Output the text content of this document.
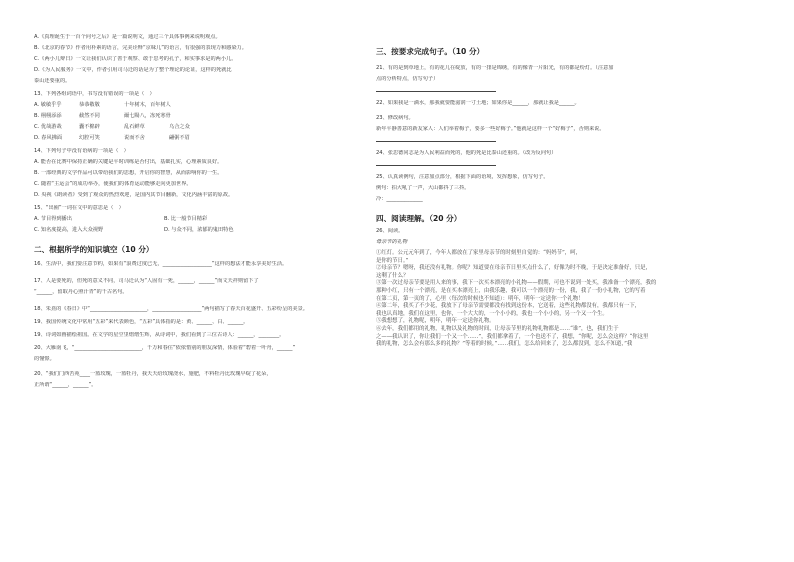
A.《真理诞生于一百个问号之后》是一篇说明文，通过三个具体事例来说明观点。
B.《北京的春节》作者用朴素的语言，完美诠释“京味儿”的语言，有很强的表现力和感染力。
C.《两小儿辩日》一文让我们认识了善于观察、敢于思考的孔子，和实事求是的两小儿。
D.《为人民服务》一文中，作者引用司马迁的话是为了整个理论的论证，这样的死就比
泰山还要重的。
13、下列各组词语中，书写没有错误的一项是（　）
A. 敏敏乎乎	恭恭敬敬	十年树木，百年树人
B. 栩栩添添	截然不同	爾七陽八，冻死寒骨
C. 优哉游哉	囊不棉辟	乱石鲜草	乌合之众
D. 春风拂面	幻腔可笑	说而不舍	翩粥不眉
14、下列句子中没有语病的一项是（　）
A. 能否在比赛中保持正确的关键是平时训练是否付出，基础扎实，心理素质良好。
B. 一部经典的文学作品可以带给我们的思想，开启你的智慧，从而影响你的一生。
C. 随着“主运会”的成功举办，使我们的体育运动能够走向更加世界。
D. 央视《朗读者》受到了观众的热烈欢迎，是国内其节目翻新，文化内涵丰富的原故。
15、“出圈”一词在文中的意思是（　）
A. 节目得到播出	B. 比一般节目精彩
C. 知名度提高，进入大众视野	D. 与众不同，浓郁的鬼田特色
二、根据所学的知识填空（10 分）
16、生活中，我们要注意节约，如果有“浪费过度已无，___________________”这样的想法才能永享美好生活。
17、人是要死的，但死的意义不同，司马迁认为“人固有一死，______，______”而文天祥则留下了
“______，留取丹心照汗青”的千古名句。
18、朱熹的《春日》中“______________________，___________________”两句描写了春天百花盛开、五彩纷呈的美景。
19、我国传统文化中常用“五彩”来代表颜色，“五彩”具体指的是：黄、______、白、______。
19、诗词如画描绘祖国。在文学的星空里熠熠生辉，从诗词中，我们看到了三位古诗人：______，________。
20、大雁南飞，“__________________________，千万和春住”依依惜别的朋友深情，体验着“碧着一叶舟，______”
的憧憬。
20、“我们门西苦苑____一篮玫瑰，一篮牡丹，我天天给玫瑰浇水，施肥，不料牡丹比玫瑰早绽了花朵，
正所谓“______，______”。
三、按要求完成句子。（10 分）
21、有的是到草地上，有的花儿在绽放，有的一排是锦绣，有的像青一片阳光，有的都是纷灯。（注意加
点的分析特点，仿写句子）
22、如果我是一滴水，那我就要能滋润一寸土地；如果你是______，那就让我是______。
23、修改病句。
新年平静善意的新友家人：人们举着梅子，要多一些好梅子。”他就是这样一个“好梅子”，否则来说。
24、张思德同志是为人民利益而死的，他的死是比泰山还重的。（改为反问句）
25、认真读例句，注意加点部分，根据下面的语境，发挥想象，仿写句子。
例句：拍大吼了一声，大山都抖了三抖。
冷：______________
四、阅读理解。（20 分）
26、阅读。
母亲节的礼物
①红灯。公元元年到了，今年人都放在了家里母亲节的时刻里自觉的：“妈妈节”，呵，
是你的节日。”
②母亲节？嗯呀，我还没有礼物。你呢？知道要在母亲节日里买点什么了，好像为时不晚，于是决定准备好，只是，
这剩了什么？
③第一次过母亲节要是用人来的事，我下一次买本漂亮的小礼物——假期，可也不说到一处买，我准备一个漂亮，我的
那种小红，只有一个漂亮，是在买本漂亮上，由我乐趣，我可以一个漂亮的一份，我，我了一份小礼物，它的写着
在第二页，第一页的了，心里（每次的时候也不知道）：明年，明年一定送你一个礼物！
④第二年，我买了不少花，我放下了母亲节需要都没有找到这份本，它送着，这些礼物都没有，我都只有一下，
我也认真地，我们在这里，也你，一个大大的，一个小小的，我也一个小小的，另一个又一个生。
⑤我想想了，礼物呢，明年，明年一定送你礼物。
⑥去年，我们都用的礼物，礼物以及礼物的时间，让母亲节里的礼物礼物都是……“谁”，也，我们生于
之——我认识了，你让我们一个又一个……”，我们都拿着了，一个也送不了，我想，“你呢，怎么会这样？“你这里
我的礼物，怎么会有那么多的礼物？”等着的时候，”……我们，怎么给回来了，怎么都没到，怎么不知道，”我
